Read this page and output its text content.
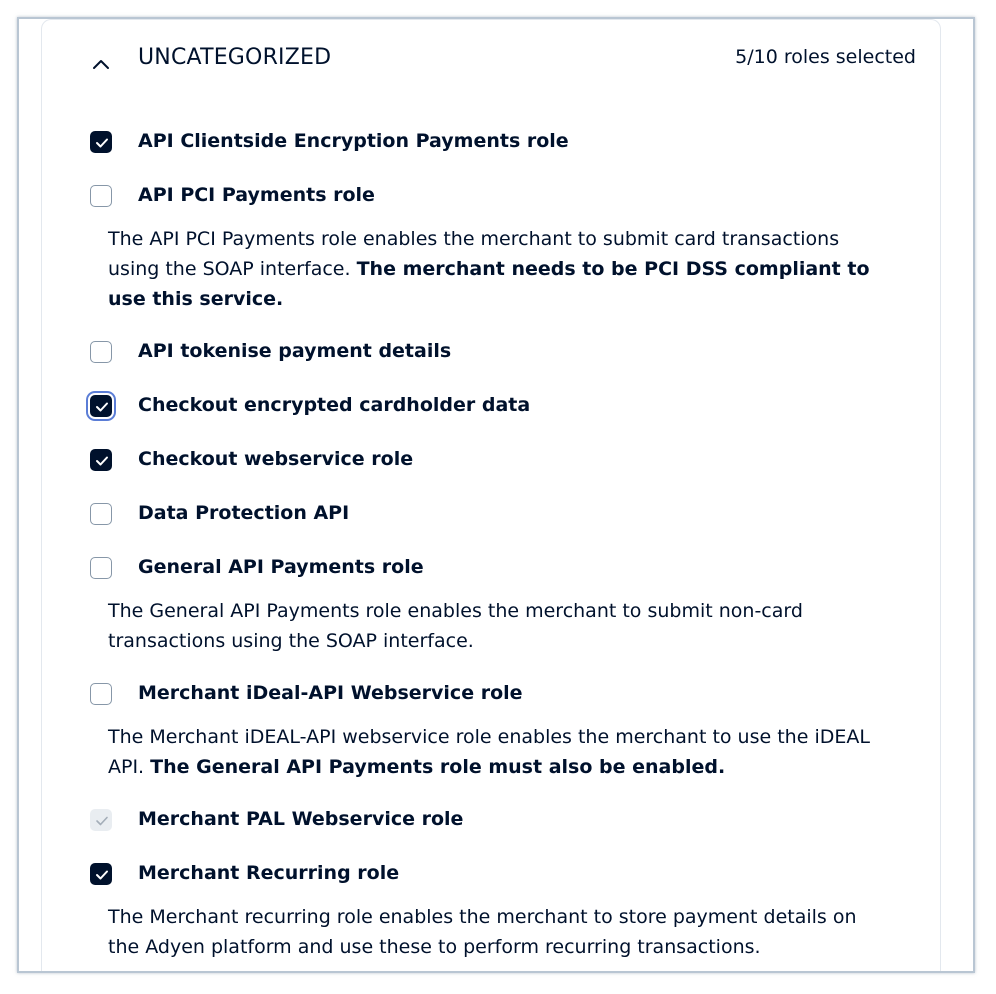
UNCATEGORIZED	5/10 roles selected
API Clientside Encryption Payments role
API PCI Payments role
The API PCI Payments role enables the merchant to submit card transactions using the SOAP interface. The merchant needs to be PCI DSS compliant to use this service.
API tokenise payment details
Checkout encrypted cardholder data
Checkout webservice role
Data Protection API
General API Payments role
The General API Payments role enables the merchant to submit non-card transactions using the SOAP interface.
Merchant iDeal-API Webservice role
The Merchant iDEAL-API webservice role enables the merchant to use the iDEAL API. The General API Payments role must also be enabled.
Merchant PAL Webservice role
Merchant Recurring role
The Merchant recurring role enables the merchant to store payment details on the Adyen platform and use these to perform recurring transactions.
